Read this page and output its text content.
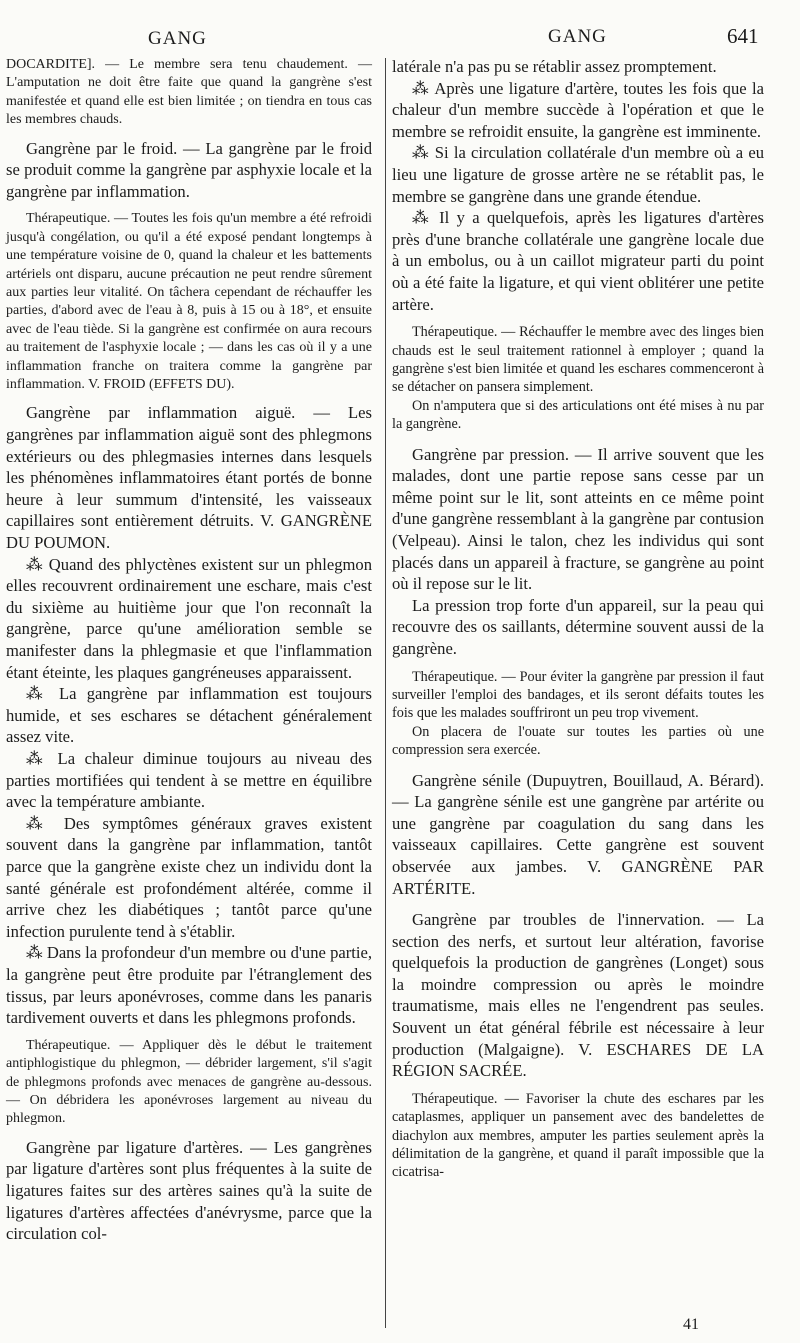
GANG	GANG	641

DOCARDITE]. — Le membre sera tenu chaudement. — L'amputation ne doit être faite que quand la gangrène s'est manifestée et quand elle est bien limitée ; on tiendra en tous cas les membres chauds.

Gangrène par le froid. — La gangrène par le froid se produit comme la gangrène par asphyxie locale et la gangrène par inflammation.

Thérapeutique. — Toutes les fois qu'un membre a été refroidi jusqu'à congélation, ou qu'il a été exposé pendant longtemps à une température voisine de 0, quand la chaleur et les battements artériels ont disparu, aucune précaution ne peut rendre sûrement aux parties leur vitalité. On tâchera cependant de réchauffer les parties, d'abord avec de l'eau à 8, puis à 15 ou à 18°, et ensuite avec de l'eau tiède. Si la gangrène est confirmée on aura recours au traitement de l'asphyxie locale ; — dans les cas où il y a une inflammation franche on traitera comme la gangrène par inflammation. V. FROID (EFFETS DU).

Gangrène par inflammation aiguë. — Les gangrènes par inflammation aiguë sont des phlegmons extérieurs ou des phlegmasies internes dans lesquels les phénomènes inflammatoires étant portés de bonne heure à leur summum d'intensité, les vaisseaux capillaires sont entièrement détruits. V. GANGRÈNE DU POUMON.

⁂ Quand des phlyctènes existent sur un phlegmon elles recouvrent ordinairement une eschare, mais c'est du sixième au huitième jour que l'on reconnaît la gangrène, parce qu'une amélioration semble se manifester dans la phlegmasie et que l'inflammation étant éteinte, les plaques gangréneuses apparaissent.

⁂ La gangrène par inflammation est toujours humide, et ses eschares se détachent généralement assez vite.

⁂ La chaleur diminue toujours au niveau des parties mortifiées qui tendent à se mettre en équilibre avec la température ambiante.

⁂ Des symptômes généraux graves existent souvent dans la gangrène par inflammation, tantôt parce que la gangrène existe chez un individu dont la santé générale est profondément altérée, comme il arrive chez les diabétiques ; tantôt parce qu'une infection purulente tend à s'établir.

⁂ Dans la profondeur d'un membre ou d'une partie, la gangrène peut être produite par l'étranglement des tissus, par leurs aponévroses, comme dans les panaris tardivement ouverts et dans les phlegmons profonds.

Thérapeutique. — Appliquer dès le début le traitement antiphlogistique du phlegmon, — débrider largement, s'il s'agit de phlegmons profonds avec menaces de gangrène au-dessous. — On débridera les aponévroses largement au niveau du phlegmon.

Gangrène par ligature d'artères. — Les gangrènes par ligature d'artères sont plus fréquentes à la suite de ligatures faites sur des artères saines qu'à la suite de ligatures d'artères affectées d'anévrysme, parce que la circulation col-

latérale n'a pas pu se rétablir assez promptement.

⁂ Après une ligature d'artère, toutes les fois que la chaleur d'un membre succède à l'opération et que le membre se refroidit ensuite, la gangrène est imminente.

⁂ Si la circulation collatérale d'un membre où a eu lieu une ligature de grosse artère ne se rétablit pas, le membre se gangrène dans une grande étendue.

⁂ Il y a quelquefois, après les ligatures d'artères près d'une branche collatérale une gangrène locale due à un embolus, ou à un caillot migrateur parti du point où a été faite la ligature, et qui vient oblitérer une petite artère.

Thérapeutique. — Réchauffer le membre avec des linges bien chauds est le seul traitement rationnel à employer ; quand la gangrène s'est bien limitée et quand les eschares commenceront à se détacher on pansera simplement.

On n'amputera que si des articulations ont été mises à nu par la gangrène.

Gangrène par pression. — Il arrive souvent que les malades, dont une partie repose sans cesse par un même point sur le lit, sont atteints en ce même point d'une gangrène ressemblant à la gangrène par contusion (Velpeau). Ainsi le talon, chez les individus qui sont placés dans un appareil à fracture, se gangrène au point où il repose sur le lit.

La pression trop forte d'un appareil, sur la peau qui recouvre des os saillants, détermine souvent aussi de la gangrène.

Thérapeutique. — Pour éviter la gangrène par pression il faut surveiller l'emploi des bandages, et ils seront défaits toutes les fois que les malades souffriront un peu trop vivement.

On placera de l'ouate sur toutes les parties où une compression sera exercée.

Gangrène sénile (Dupuytren, Bouillaud, A. Bérard). — La gangrène sénile est une gangrène par artérite ou une gangrène par coagulation du sang dans les vaisseaux capillaires. Cette gangrène est souvent observée aux jambes. V. GANGRÈNE PAR ARTÉRITE.

Gangrène par troubles de l'innervation. — La section des nerfs, et surtout leur altération, favorise quelquefois la production de gangrènes (Longet) sous la moindre compression ou après le moindre traumatisme, mais elles ne l'engendrent pas seules. Souvent un état général fébrile est nécessaire à leur production (Malgaigne). V. ESCHARES DE LA RÉGION SACRÉE.

Thérapeutique. — Favoriser la chute des eschares par les cataplasmes, appliquer un pansement avec des bandelettes de diachylon aux membres, amputer les parties seulement après la délimitation de la gangrène, et quand il paraît impossible que la cicatrisa-

41
